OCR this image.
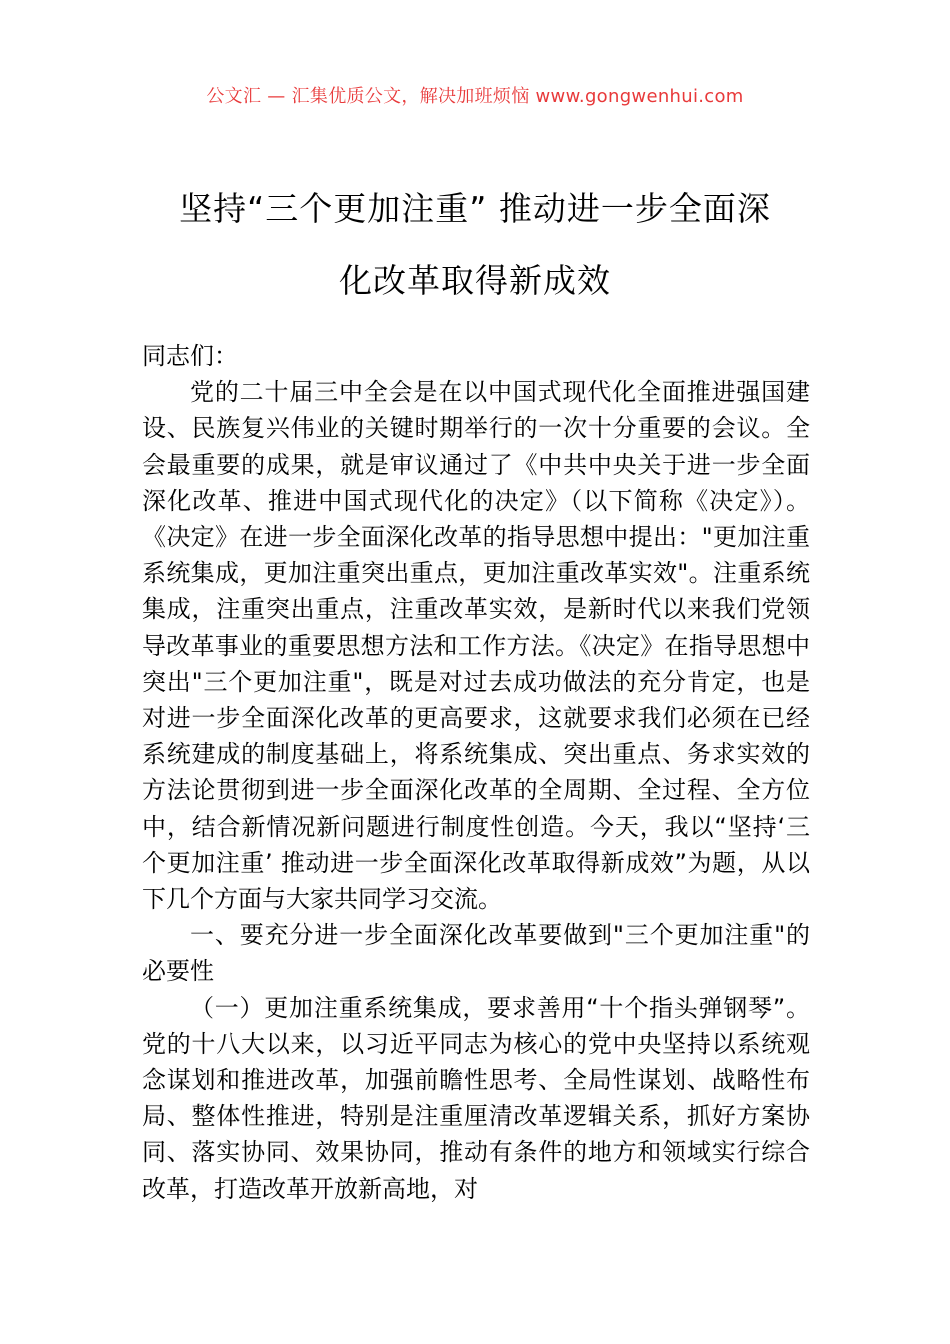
公文汇 — 汇集优质公文，解决加班烦恼 www.gongwenhui.com
坚持“三个更加注重” 推动进一步全面深
化改革取得新成效

同志们：

党的二十届三中全会是在以中国式现代化全面推进强国建设、民族复兴伟业的关键时期举行的一次十分重要的会议。全会最重要的成果，就是审议通过了《中共中央关于进一步全面深化改革、推进中国式现代化的决定》（以下简称《决定》）。《决定》在进一步全面深化改革的指导思想中提出："更加注重系统集成，更加注重突出重点，更加注重改革实效"。注重系统集成，注重突出重点，注重改革实效，是新时代以来我们党领导改革事业的重要思想方法和工作方法。《决定》在指导思想中突出"三个更加注重"，既是对过去成功做法的充分肯定，也是对进一步全面深化改革的更高要求，这就要求我们必须在已经系统建成的制度基础上，将系统集成、突出重点、务求实效的方法论贯彻到进一步全面深化改革的全周期、全过程、全方位中，结合新情况新问题进行制度性创造。今天，我以“坚持‘三个更加注重’ 推动进一步全面深化改革取得新成效”为题，从以下几个方面与大家共同学习交流。

一、要充分进一步全面深化改革要做到"三个更加注重"的必要性

（一）更加注重系统集成，要求善用“十个指头弹钢琴”。党的十八大以来，以习近平同志为核心的党中央坚持以系统观念谋划和推进改革，加强前瞻性思考、全局性谋划、战略性布局、整体性推进，特别是注重厘清改革逻辑关系，抓好方案协同、落实协同、效果协同，推动有条件的地方和领域实行综合改革，打造改革开放新高地，对
